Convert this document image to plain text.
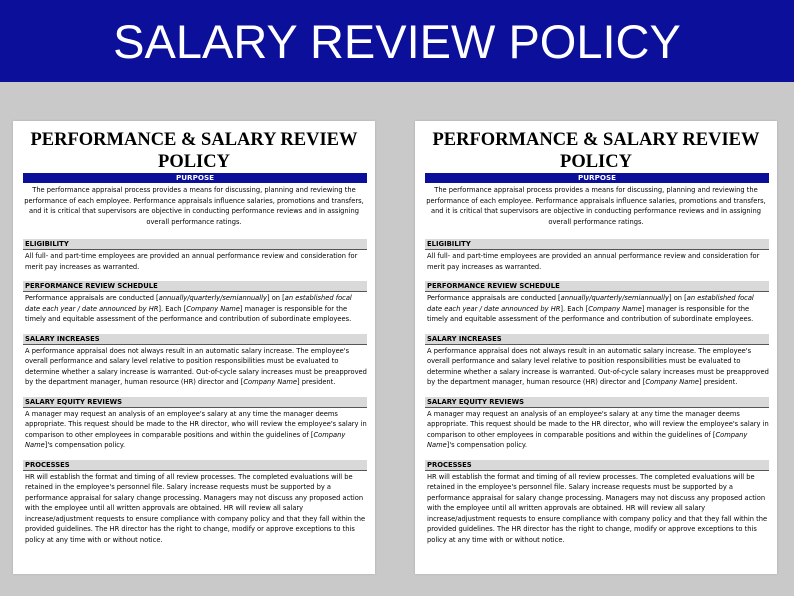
SALARY REVIEW POLICY
PERFORMANCE & SALARY REVIEW POLICY
PURPOSE
The performance appraisal process provides a means for discussing, planning and reviewing the performance of each employee. Performance appraisals influence salaries, promotions and transfers, and it is critical that supervisors are objective in conducting performance reviews and in assigning overall performance ratings.
ELIGIBILITY
All full- and part-time employees are provided an annual performance review and consideration for merit pay increases as warranted.
PERFORMANCE REVIEW SCHEDULE
Performance appraisals are conducted [annually/quarterly/semiannually] on [an established focal date each year / date announced by HR]. Each [Company Name] manager is responsible for the timely and equitable assessment of the performance and contribution of subordinate employees.
SALARY INCREASES
A performance appraisal does not always result in an automatic salary increase. The employee's overall performance and salary level relative to position responsibilities must be evaluated to determine whether a salary increase is warranted. Out-of-cycle salary increases must be preapproved by the department manager, human resource (HR) director and [Company Name] president.
SALARY EQUITY REVIEWS
A manager may request an analysis of an employee's salary at any time the manager deems appropriate. This request should be made to the HR director, who will review the employee's salary in comparison to other employees in comparable positions and within the guidelines of [Company Name]'s compensation policy.
PROCESSES
HR will establish the format and timing of all review processes. The completed evaluations will be retained in the employee's personnel file. Salary increase requests must be supported by a performance appraisal for salary change processing. Managers may not discuss any proposed action with the employee until all written approvals are obtained. HR will review all salary increase/adjustment requests to ensure compliance with company policy and that they fall within the provided guidelines. The HR director has the right to change, modify or approve exceptions to this policy at any time with or without notice.
PERFORMANCE & SALARY REVIEW POLICY
PURPOSE
The performance appraisal process provides a means for discussing, planning and reviewing the performance of each employee. Performance appraisals influence salaries, promotions and transfers, and it is critical that supervisors are objective in conducting performance reviews and in assigning overall performance ratings.
ELIGIBILITY
All full- and part-time employees are provided an annual performance review and consideration for merit pay increases as warranted.
PERFORMANCE REVIEW SCHEDULE
Performance appraisals are conducted [annually/quarterly/semiannually] on [an established focal date each year / date announced by HR]. Each [Company Name] manager is responsible for the timely and equitable assessment of the performance and contribution of subordinate employees.
SALARY INCREASES
A performance appraisal does not always result in an automatic salary increase. The employee's overall performance and salary level relative to position responsibilities must be evaluated to determine whether a salary increase is warranted. Out-of-cycle salary increases must be preapproved by the department manager, human resource (HR) director and [Company Name] president.
SALARY EQUITY REVIEWS
A manager may request an analysis of an employee's salary at any time the manager deems appropriate. This request should be made to the HR director, who will review the employee's salary in comparison to other employees in comparable positions and within the guidelines of [Company Name]'s compensation policy.
PROCESSES
HR will establish the format and timing of all review processes. The completed evaluations will be retained in the employee's personnel file. Salary increase requests must be supported by a performance appraisal for salary change processing. Managers may not discuss any proposed action with the employee until all written approvals are obtained. HR will review all salary increase/adjustment requests to ensure compliance with company policy and that they fall within the provided guidelines. The HR director has the right to change, modify or approve exceptions to this policy at any time with or without notice.
